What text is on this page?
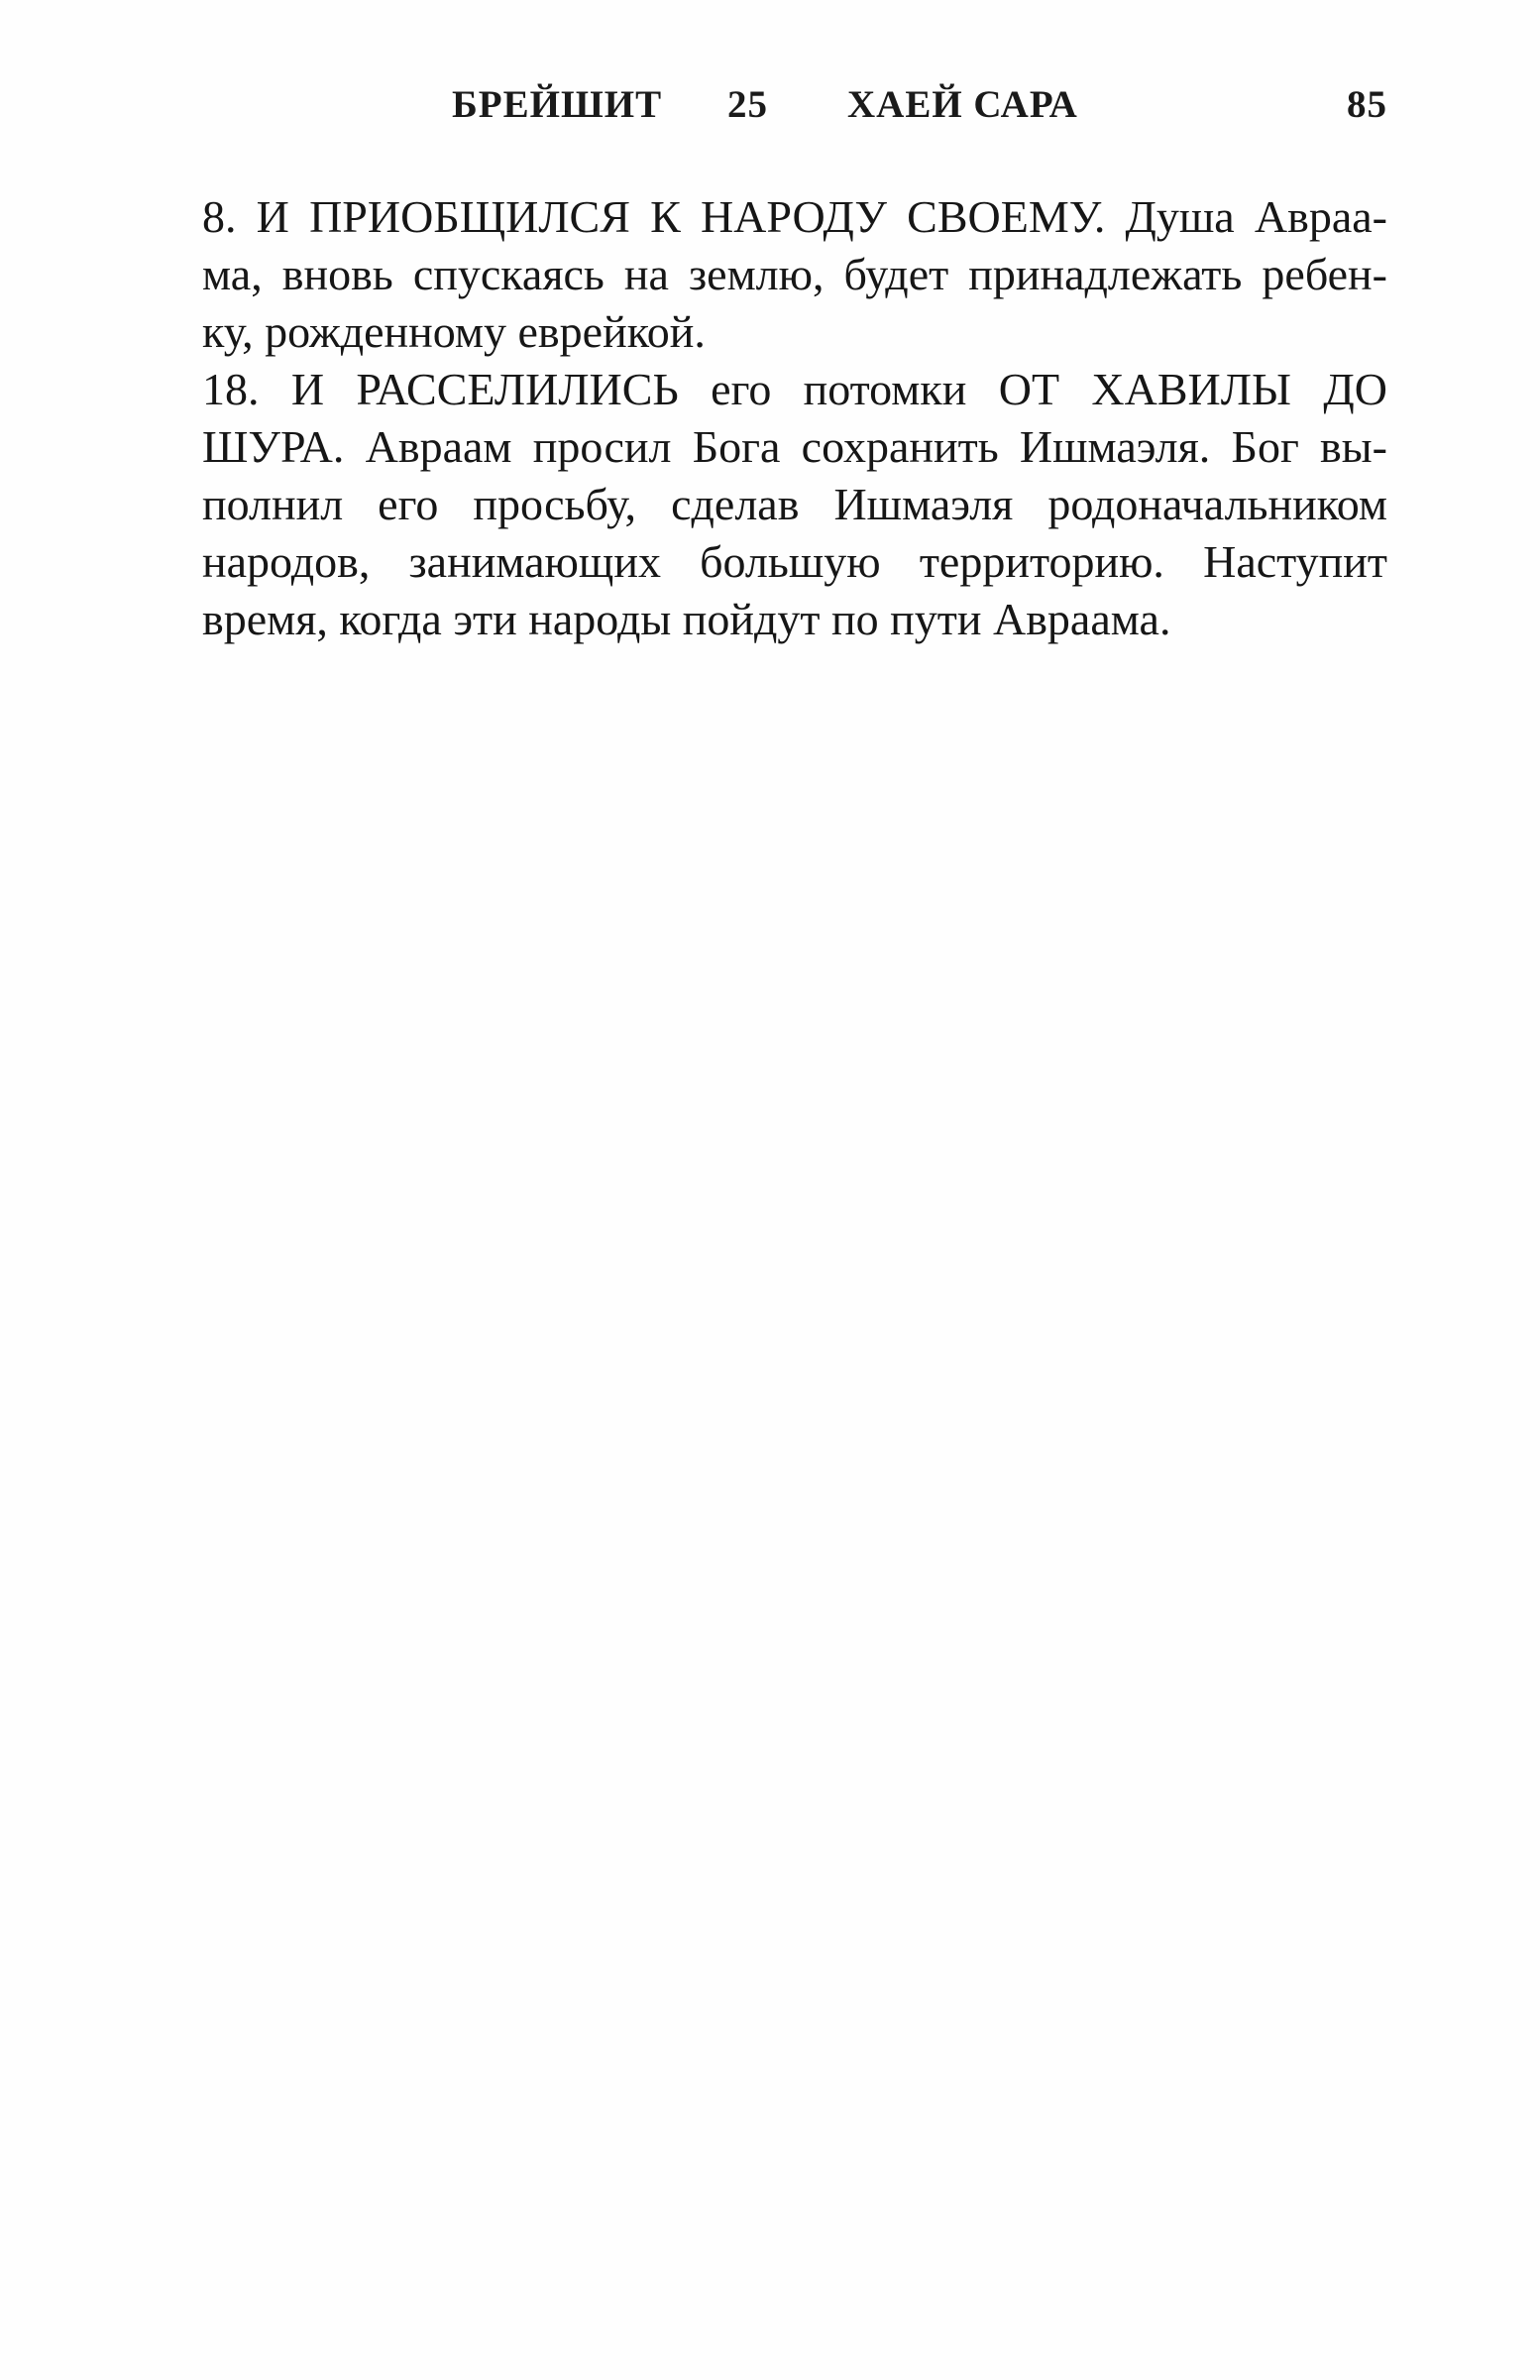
БРЕЙШИТ 25 ХАЕЙ САРА	85
8. И ПРИОБЩИЛСЯ К НАРОДУ СВОЕМУ. Душа Авраа-
ма, вновь спускаясь на землю, будет принадлежать ребен-
ку, рожденному еврейкой.
18. И РАССЕЛИЛИСЬ его потомки ОТ ХАВИЛЫ ДО
ШУРА. Авраам просил Бога сохранить Ишмаэля. Бог вы-
полнил его просьбу, сделав Ишмаэля родоначальником
народов, занимающих большую территорию. Наступит
время, когда эти народы пойдут по пути Авраама.
